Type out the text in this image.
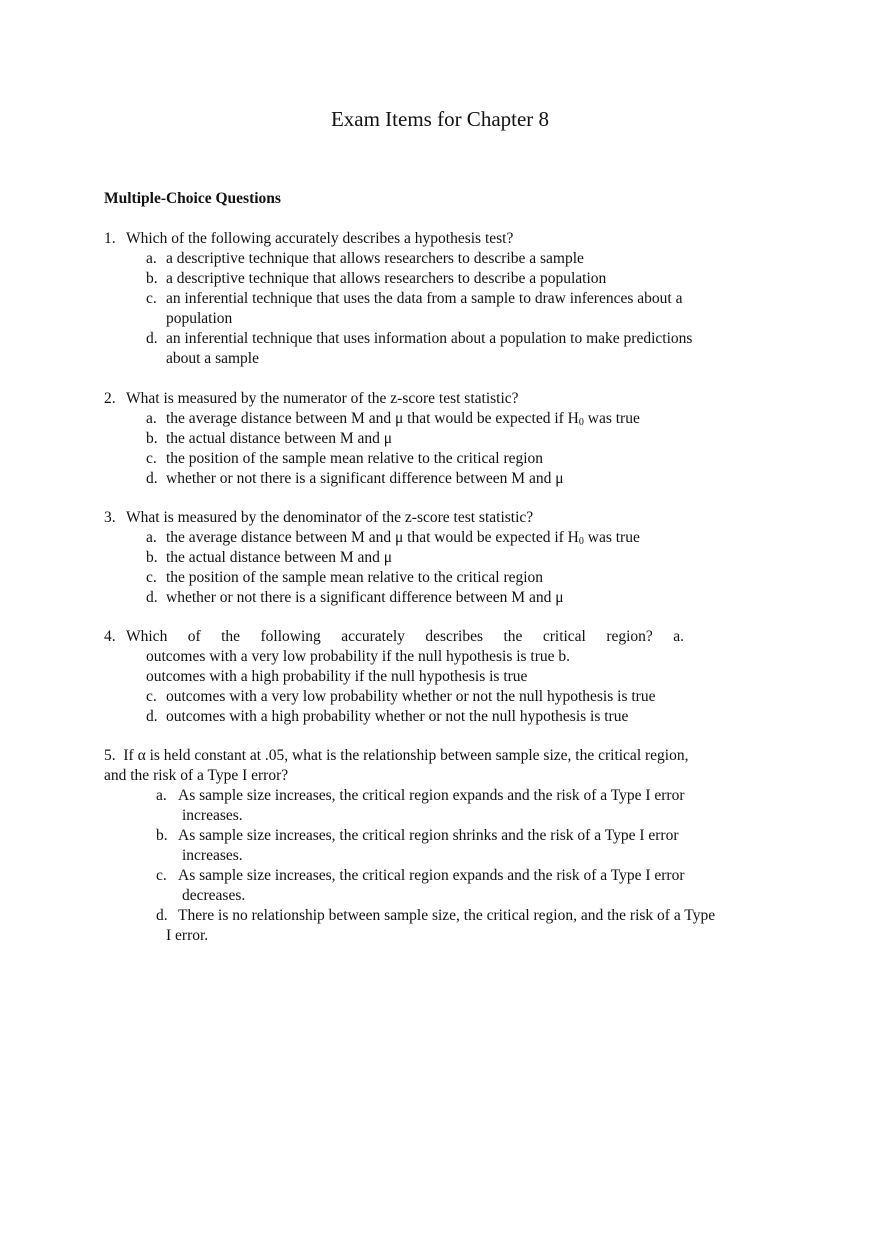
Exam Items for Chapter 8
Multiple-Choice Questions
1. Which of the following accurately describes a hypothesis test?
a. a descriptive technique that allows researchers to describe a sample
b. a descriptive technique that allows researchers to describe a population
c. an inferential technique that uses the data from a sample to draw inferences about a
population
d. an inferential technique that uses information about a population to make predictions
about a sample
2. What is measured by the numerator of the z-score test statistic?
a. the average distance between M and μ that would be expected if $H_0$ was true
b. the actual distance between M and μ
c. the position of the sample mean relative to the critical region
d. whether or not there is a significant difference between M and μ
3. What is measured by the denominator of the z-score test statistic?
a. the average distance between M and μ that would be expected if $H_0$ was true
b. the actual distance between M and μ
c. the position of the sample mean relative to the critical region
d. whether or not there is a significant difference between M and μ
4. Which of the following accurately describes the critical region? a.
outcomes with a very low probability if the null hypothesis is true b.
outcomes with a high probability if the null hypothesis is true
c. outcomes with a very low probability whether or not the null hypothesis is true
d. outcomes with a high probability whether or not the null hypothesis is true
5. If α is held constant at .05, what is the relationship between sample size, the critical region,
and the risk of a Type I error?
a. As sample size increases, the critical region expands and the risk of a Type I error
increases.
b. As sample size increases, the critical region shrinks and the risk of a Type I error
increases.
c. As sample size increases, the critical region expands and the risk of a Type I error
decreases.
d. There is no relationship between sample size, the critical region, and the risk of a Type
I error.
